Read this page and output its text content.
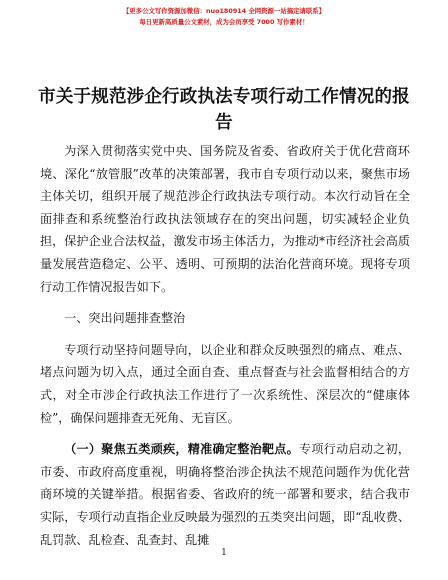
【更多公文写作资源加微信：nuo180914 全网资源一站搞定请联系】
每日更新高质量公文素材，成为会员享受 7000 写作素材！
市关于规范涉企行政执法专项行动工作情况的报告

为深入贯彻落实党中央、国务院及省委、省政府关于优化营商环境、深化“放管服”改革的决策部署，我市自专项行动以来，聚焦市场主体关切，组织开展了规范涉企行政执法专项行动。本次行动旨在全面排查和系统整治行政执法领域存在的突出问题，切实减轻企业负担，保护企业合法权益，激发市场主体活力，为推动*市经济社会高质量发展营造稳定、公平、透明、可预期的法治化营商环境。现将专项行动工作情况报告如下。

一、突出问题排查整治

专项行动坚持问题导向，以企业和群众反映强烈的痛点、难点、堵点问题为切入点，通过全面自查、重点督查与社会监督相结合的方式，对全市涉企行政执法工作进行了一次系统性、深层次的“健康体检”，确保问题排查无死角、无盲区。

（一）聚焦五类顽疾，精准确定整治靶点。专项行动启动之初，市委、市政府高度重视，明确将整治涉企执法不规范问题作为优化营商环境的关键举措。根据省委、省政府的统一部署和要求，结合我市实际，专项行动直指企业反映最为强烈的五类突出问题，即“乱收费、乱罚款、乱检查、乱查封、乱摊

1
